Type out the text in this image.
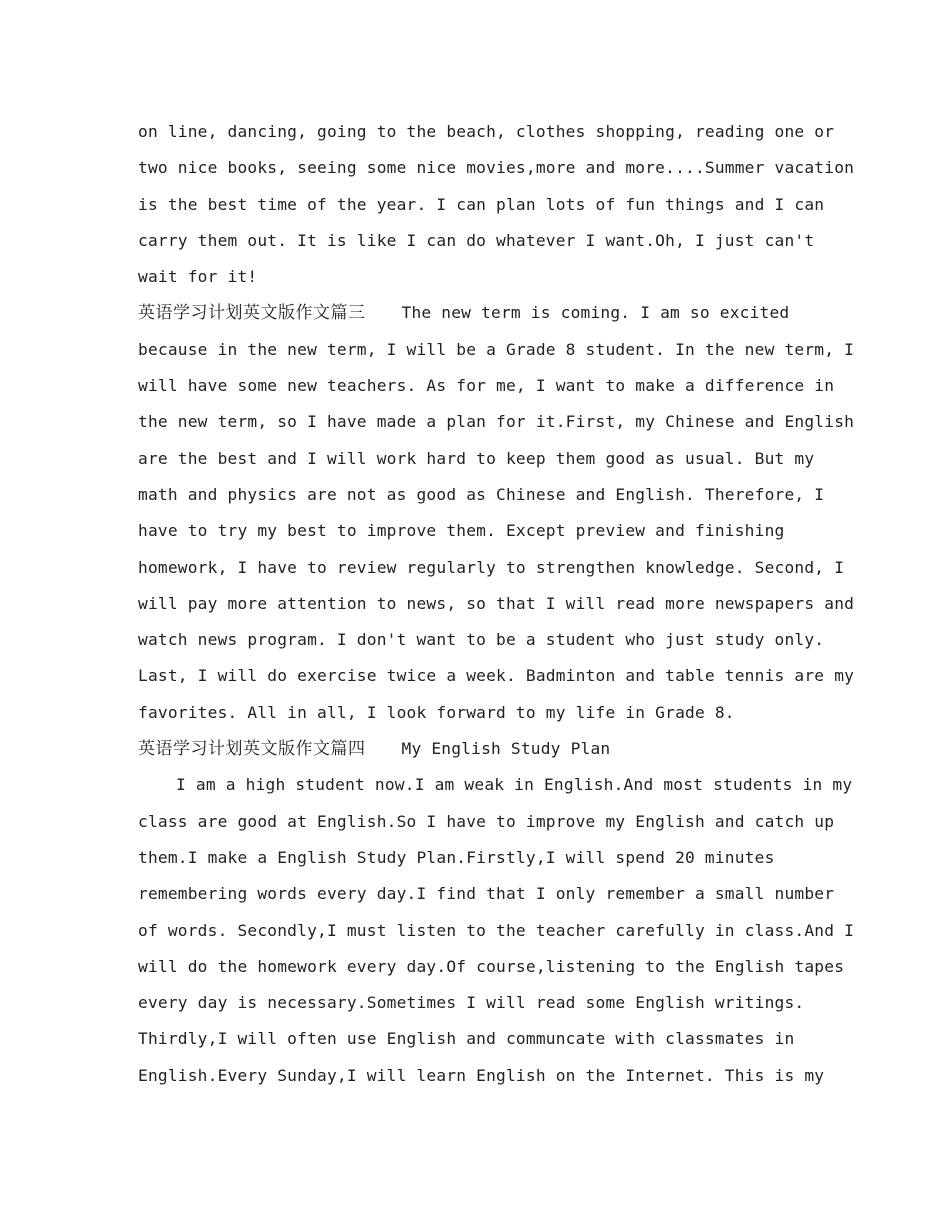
on line, dancing, going to the beach, clothes shopping, reading one or
two nice books, seeing some nice movies,more and more....Summer vacation
is the best time of the year. I can plan lots of fun things and I can
carry them out. It is like I can do whatever I want.Oh, I just can't
wait for it!
英语学习计划英文版作文篇三 The new term is coming. I am so excited
because in the new term, I will be a Grade 8 student. In the new term, I
will have some new teachers. As for me, I want to make a difference in
the new term, so I have made a plan for it.First, my Chinese and English
are the best and I will work hard to keep them good as usual. But my
math and physics are not as good as Chinese and English. Therefore, I
have to try my best to improve them. Except preview and finishing
homework, I have to review regularly to strengthen knowledge. Second, I
will pay more attention to news, so that I will read more newspapers and
watch news program. I don't want to be a student who just study only.
Last, I will do exercise twice a week. Badminton and table tennis are my
favorites. All in all, I look forward to my life in Grade 8.
英语学习计划英文版作文篇四 My English Study Plan
I am a high student now.I am weak in English.And most students in my
class are good at English.So I have to improve my English and catch up
them.I make a English Study Plan.Firstly,I will spend 20 minutes
remembering words every day.I find that I only remember a small number
of words. Secondly,I must listen to the teacher carefully in class.And I
will do the homework every day.Of course,listening to the English tapes
every day is necessary.Sometimes I will read some English writings.
Thirdly,I will often use English and communcate with classmates in
English.Every Sunday,I will learn English on the Internet. This is my
